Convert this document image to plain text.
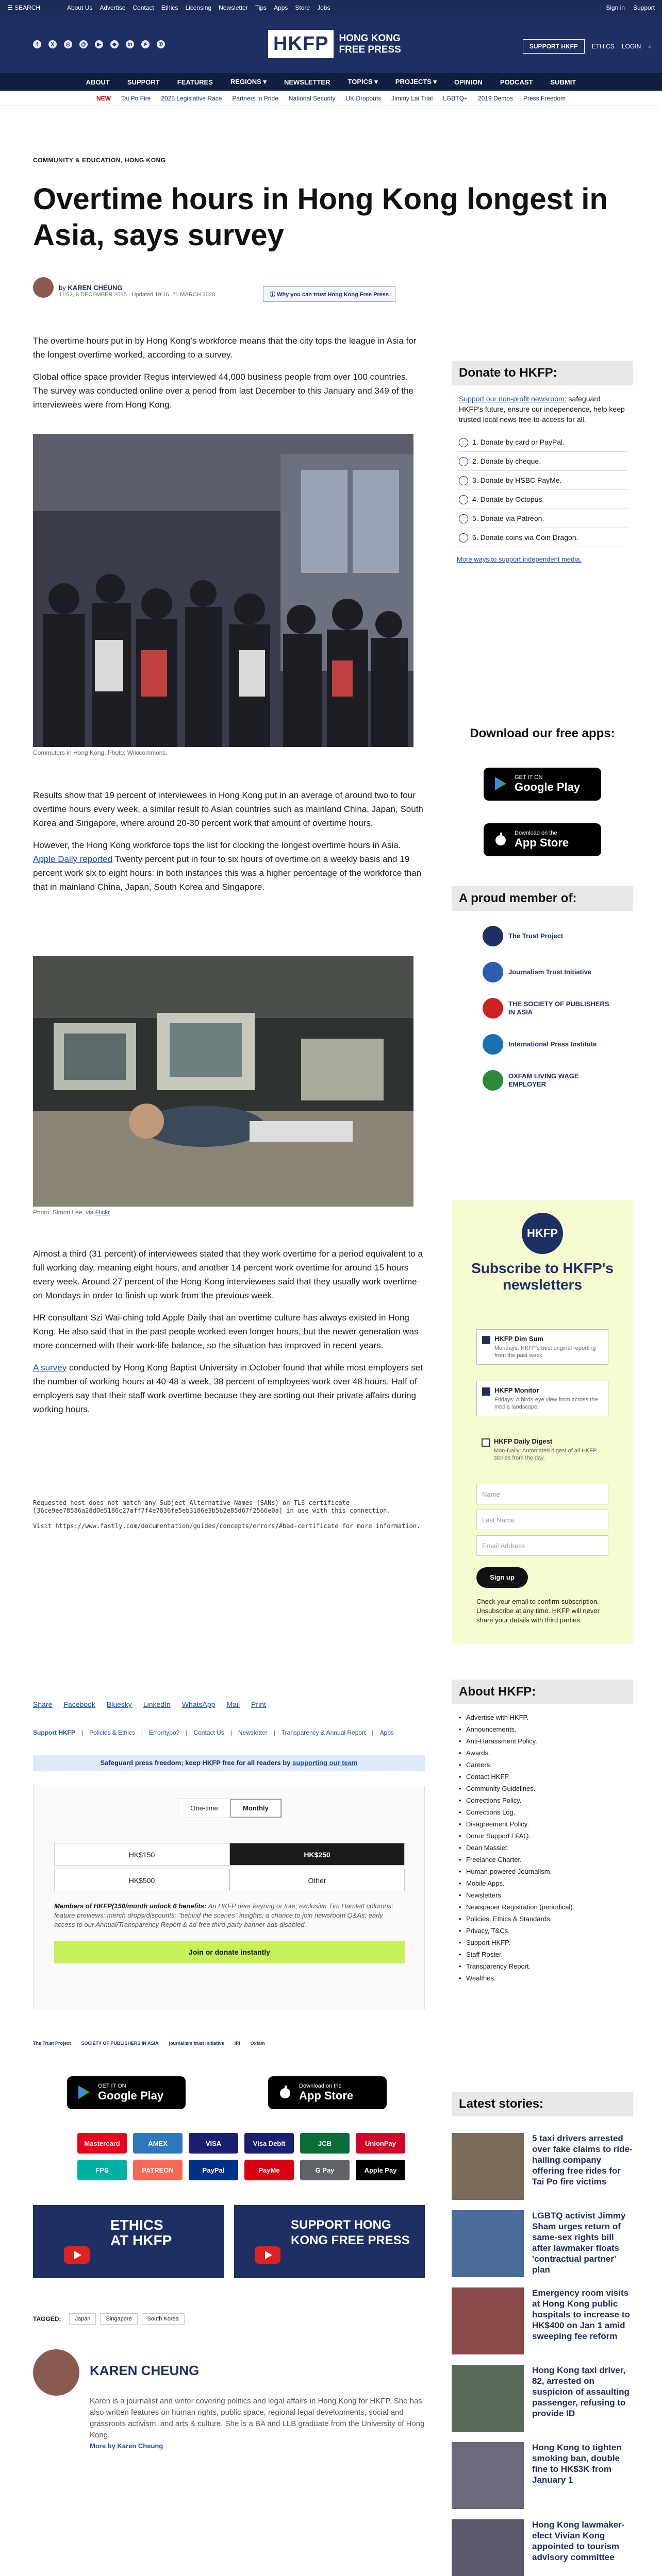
☰ SEARCH	About Us Advertise Contact Ethics Licensing Newsletter Tips Apps Store Jobs	Sign in Support
f	X	◎	@	▶	◆	in	➤	✆	HKFP	HONG KONG FREE PRESS	SUPPORT HKFP	ETHICS LOGIN ⌕
ABOUT	SUPPORT	FEATURES	REGIONS ▾	NEWSLETTER	TOPICS ▾	PROJECTS ▾	OPINION	PODCAST	SUBMIT
NEW Tai Po Fire 2025 Legislative Race Partners in Pride National Security UK Dropouts Jimmy Lai Trial LGBTQ+ 2019 Demos Press Freedom
COMMUNITY & EDUCATION, HONG KONG
Overtime hours in Hong Kong longest in Asia, says survey
by KAREN CHEUNG
11:52, 8 DECEMBER 2015 · Updated 19:16, 21 MARCH 2020	ⓘ Why you can trust Hong Kong Free Press

The overtime hours put in by Hong Kong’s workforce means that the city tops the league in Asia for the longest overtime worked, according to a survey.

Global office space provider Regus interviewed 44,000 business people from over 100 countries. The survey was conducted online over a period from last December to this January and 349 of the interviewees were from Hong Kong.

Commuters in Hong Kong. Photo: Wikicommons.

Results show that 19 percent of interviewees in Hong Kong put in an average of around two to four overtime hours every week, a similar result to Asian countries such as mainland China, Japan, South Korea and Singapore, where around 20-30 percent work that amount of overtime hours.

However, the Hong Kong workforce tops the list for clocking the longest overtime hours in Asia. Apple Daily reported Twenty percent put in four to six hours of overtime on a weekly basis and 19 percent work six to eight hours: in both instances this was a higher percentage of the workforce than that in mainland China, Japan, South Korea and Singapore.

Photo: Simon Lee, via Flickr

Almost a third (31 percent) of interviewees stated that they work overtime for a period equivalent to a full working day, meaning eight hours, and another 14 percent work overtime for around 15 hours every week. Around 27 percent of the Hong Kong interviewees said that they usually work overtime on Mondays in order to finish up work from the previous week.

HR consultant Szi Wai-ching told Apple Daily that an overtime culture has always existed in Hong Kong. He also said that in the past people worked even longer hours, but the newer generation was more concerned with their work-life balance, so the situation has improved in recent years.

A survey conducted by Hong Kong Baptist University in October found that while most employers set the number of working hours at 40-48 a week, 38 percent of employees work over 48 hours. Half of employers say that their staff work overtime because they are sorting out their private affairs during working hours.

Requested host does not match any Subject Alternative Names (SANs) on TLS certificate [36ce9ee78586a28d0e5186c27aff7f4e7836fe5eb3186e3b5b2e85d67f2566e0a] in use with this connection.

Visit https://www.fastly.com/documentation/guides/concepts/errors/#bad-certificate for more information.
Share Facebook Bluesky LinkedIn WhatsApp Mail Print
Support HKFP | Policies & Ethics | Error/typo? | Contact Us | Newsletter | Transparency & Annual Report | Apps
Safeguard press freedom; keep HKFP free for all readers by supporting our team
One-time	Monthly
HK$150	HK$250
HK$500	Other
Members of HKFP(150/month unlock 6 benefits: An HKFP deer keyring or tote; exclusive Tim Hamlett columns; feature previews; merch drops/discounts; "behind the scenes" insights; a chance to join newsroom Q&As; early access to our Annual/Transparency Report & ad-free third-party banner ads disabled.
Join or donate instantly
The Trust Project SOCIETY OF PUBLISHERS IN ASIA journalism trust initiative IPI Oxfam
GET IT ON
Google Play
Download on the
App Store
Mastercard	AMEX	VISA	Visa Debit	JCB	UnionPay
FPS	PATREON	PayPal	PayMe	G Pay	Apple Pay
ETHICS
AT HKFP
SUPPORT HONG
KONG FREE PRESS
TAGGED:	Japan	Singapore	South Korea
KAREN CHEUNG
Karen is a journalist and writer covering politics and legal affairs in Hong Kong for HKFP. She has also written features on human rights, public space, regional legal developments, social and grassroots activism, and arts & culture. She is a BA and LLB graduate from the University of Hong Kong.
More by Karen Cheung
Donate to HKFP:

Support our non-profit newsroom: safeguard HKFP's future, ensure our independence, help keep trusted local news free-to-access for all.

1. Donate by card or PayPal.
2. Donate by cheque.
3. Donate by HSBC PayMe.
4. Donate by Octopus.
5. Donate via Patreon.
6. Donate coins via Coin Dragon.

More ways to support independent media.

Download our free apps:
GET IT ON
Google Play
Download on the
App Store
A proud member of:
The Trust Project
Journalism Trust Initiative
THE SOCIETY OF PUBLISHERS IN ASIA
International Press Institute
OXFAM LIVING WAGE EMPLOYER
HKFP
Subscribe to HKFP's newsletters
HKFP Dim Sum
Mondays: HKFP's best original reporting from the past week.
HKFP Monitor
Fridays: A birds-eye view from across the media landscape.
HKFP Daily Digest
Mon-Daily: Automated digest of all HKFP stories from the day.
Name
Last Name
Email Address
Sign up
Check your email to confirm subscription. Unsubscribe at any time. HKFP will never share your details with third parties.
About HKFP:
• Advertise with HKFP.
• Announcements.
• Anti-Harassment Policy.
• Awards.
• Careers.
• Contact HKFP.
• Community Guidelines.
• Corrections Policy.
• Corrections Log.
• Disagreement Policy.
• Donor Support / FAQ.
• Dean Massiet.
• Freelance Charter.
• Human-powered Journalism.
• Mobile Apps.
• Newsletters.
• Newspaper Registration (periodical).
• Policies, Ethics & Standards.
• Privacy, T&Cs.
• Support HKFP.
• Staff Roster.
• Transparency Report.
• Wealthes.
Latest stories:
5 taxi drivers arrested over fake claims to ride-hailing company offering free rides for Tai Po fire victims
LGBTQ activist Jimmy Sham urges return of same-sex rights bill after lawmaker floats 'contractual partner' plan
Emergency room visits at Hong Kong public hospitals to increase to HK$400 on Jan 1 amid sweeping fee reform
Hong Kong taxi driver, 82, arrested on suspicion of assaulting passenger, refusing to provide ID
Hong Kong to tighten smoking ban, double fine to HK$3K from January 1
Hong Kong lawmaker-elect Vivian Kong appointed to tourism advisory committee
